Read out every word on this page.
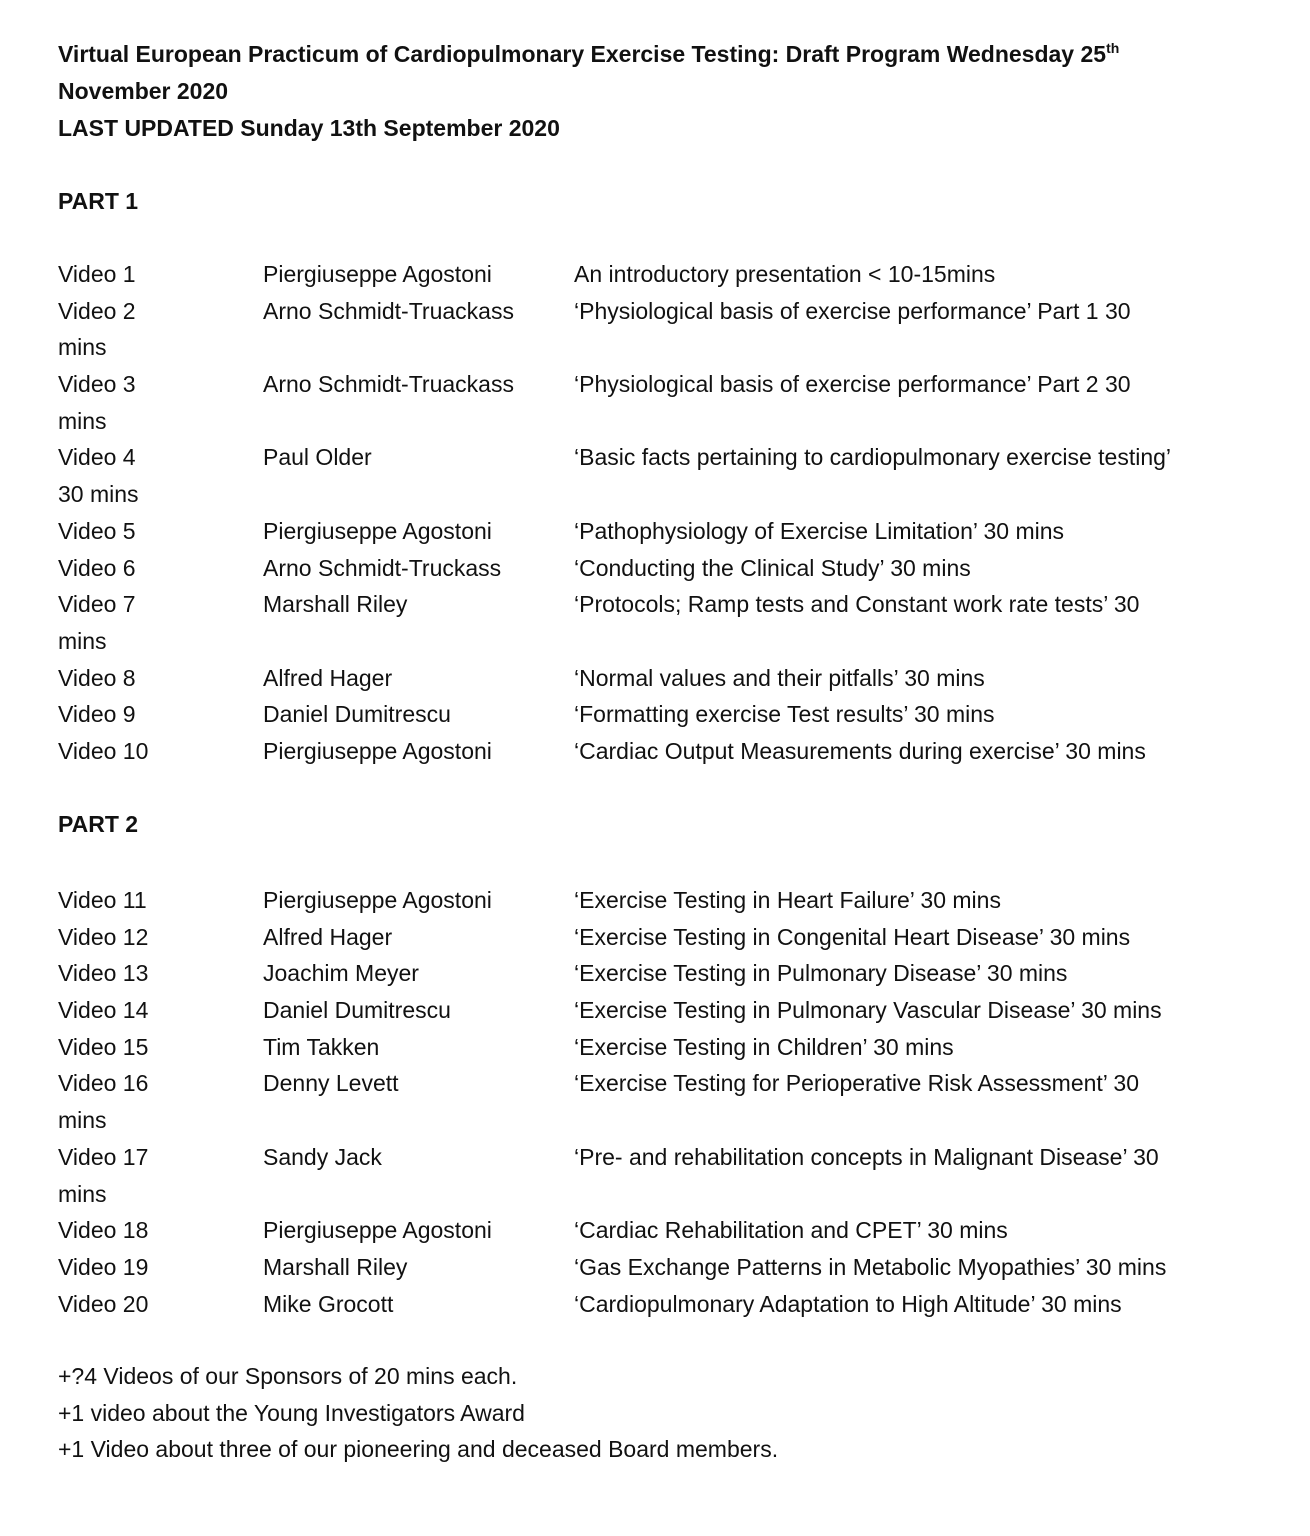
Virtual European Practicum of Cardiopulmonary Exercise Testing: Draft Program Wednesday 25th
November 2020
LAST UPDATED Sunday 13th September 2020
PART 1
Video 1	Piergiuseppe Agostoni	An introductory presentation < 10-15mins
Video 2	Arno Schmidt-Truackass	‘Physiological basis of exercise performance’ Part 1 30
mins
Video 3	Arno Schmidt-Truackass	‘Physiological basis of exercise performance’ Part 2 30
mins
Video 4	Paul Older	‘Basic facts pertaining to cardiopulmonary exercise testing’
30 mins
Video 5	Piergiuseppe Agostoni	‘Pathophysiology of Exercise Limitation’ 30 mins
Video 6	Arno Schmidt-Truckass	‘Conducting the Clinical Study’ 30 mins
Video 7	Marshall Riley	‘Protocols; Ramp tests and Constant work rate tests’ 30
mins
Video 8	Alfred Hager	‘Normal values and their pitfalls’ 30 mins
Video 9	Daniel Dumitrescu	‘Formatting exercise Test results’ 30 mins
Video 10	Piergiuseppe Agostoni	‘Cardiac Output Measurements during exercise’ 30 mins
PART 2
Video 11	Piergiuseppe Agostoni	‘Exercise Testing in Heart Failure’ 30 mins
Video 12	Alfred Hager	‘Exercise Testing in Congenital Heart Disease’ 30 mins
Video 13	Joachim Meyer	‘Exercise Testing in Pulmonary Disease’ 30 mins
Video 14	Daniel Dumitrescu	‘Exercise Testing in Pulmonary Vascular Disease’ 30 mins
Video 15	Tim Takken	‘Exercise Testing in Children’ 30 mins
Video 16	Denny Levett	‘Exercise Testing for Perioperative Risk Assessment’ 30
mins
Video 17	Sandy Jack	‘Pre- and rehabilitation concepts in Malignant Disease’ 30
mins
Video 18	Piergiuseppe Agostoni	‘Cardiac Rehabilitation and CPET’ 30 mins
Video 19	Marshall Riley	‘Gas Exchange Patterns in Metabolic Myopathies’ 30 mins
Video 20	Mike Grocott	‘Cardiopulmonary Adaptation to High Altitude’ 30 mins
+?4 Videos of our Sponsors of 20 mins each.
+1 video about the Young Investigators Award
+1 Video about three of our pioneering and deceased Board members.
